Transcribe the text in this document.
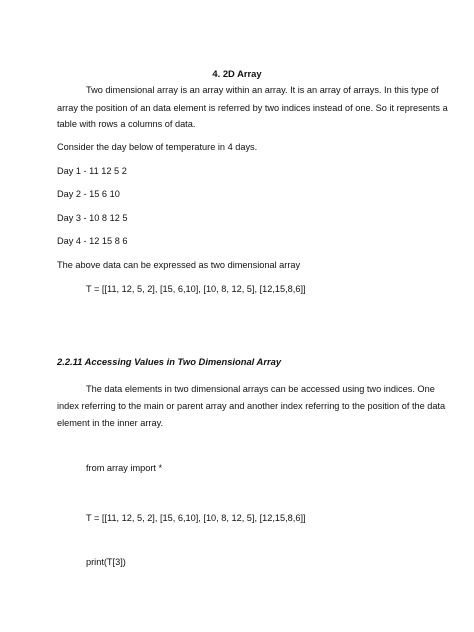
4. 2D Array
Two dimensional array is an array within an array. It is an array of arrays. In this type of
array the position of an data element is referred by two indices instead of one. So it represents a
table with rows a columns of data.
Consider the day below of temperature in 4 days.
Day 1 - 11 12 5 2
Day 2 - 15 6 10
Day 3 - 10 8 12 5
Day 4 - 12 15 8 6
The above data can be expressed as two dimensional array
T = [[11, 12, 5, 2], [15, 6,10], [10, 8, 12, 5], [12,15,8,6]]
2.2.11 Accessing Values in Two Dimensional Array
The data elements in two dimensional arrays can be accessed using two indices. One
index referring to the main or parent array and another index referring to the position of the data
element in the inner array.
from array import *
T = [[11, 12, 5, 2], [15, 6,10], [10, 8, 12, 5], [12,15,8,6]]
print(T[3])
